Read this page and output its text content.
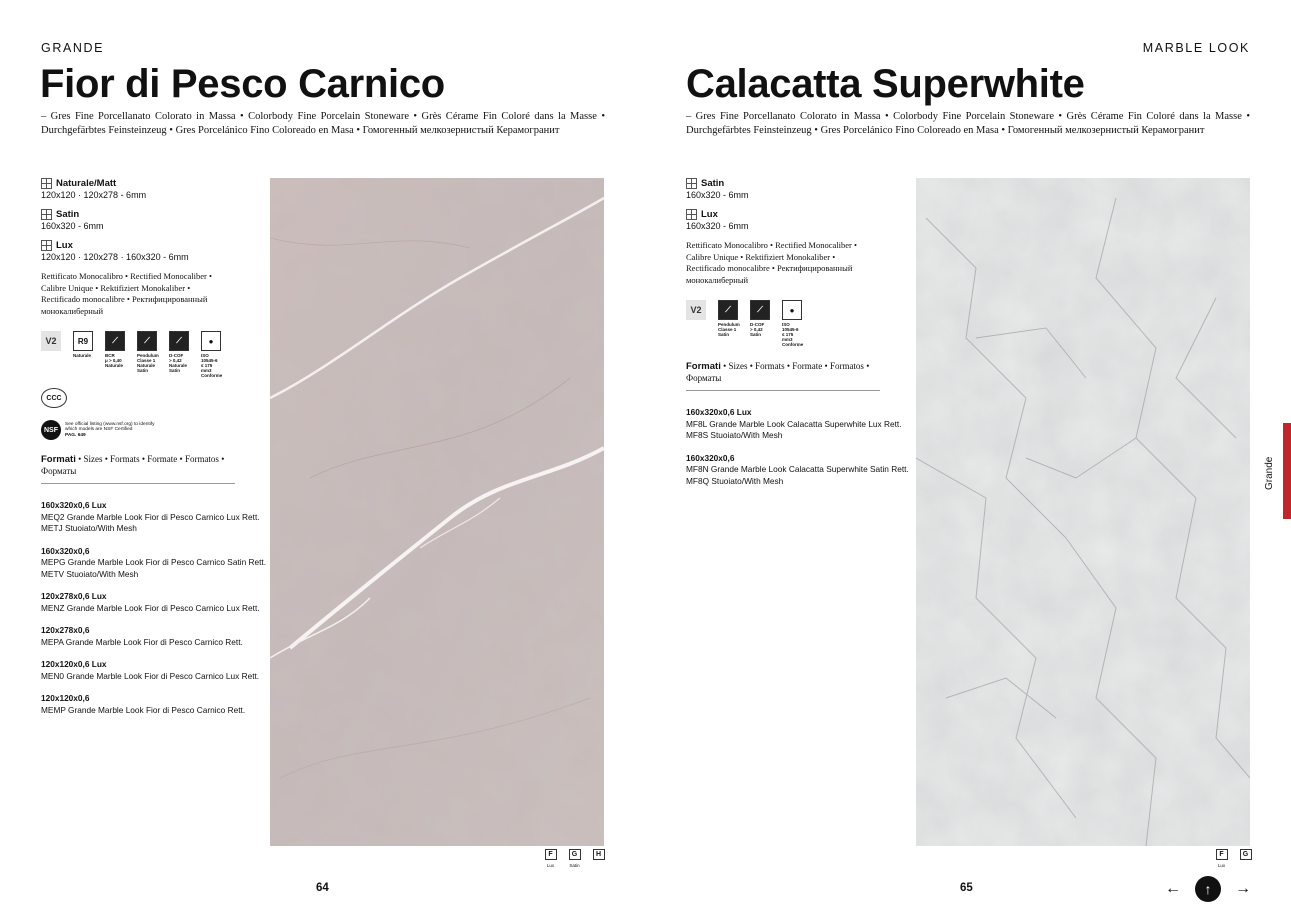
GRANDE
Fior di Pesco Carnico
– Gres Fine Porcellanato Colorato in Massa • Colorbody Fine Porcelain Stoneware • Grès Cérame Fin Coloré dans la Masse • Durchgefärbtes Feinsteinzeug • Gres Porcelánico Fino Coloreado en Masa • Гомогенный мелкозернистый Керамогранит
Naturale/Matt
120x120 · 120x278 - 6mm
Satin
160x320 - 6mm
Lux
120x120 · 120x278 · 160x320 - 6mm
Rettificato Monocalibro • Rectified Monocaliber • Calibre Unique • Rektifiziert Monokaliber • Rectificado monocalibre • Ректифицированный монокалиберный
V2	R9
Naturale
⟋
BCR
μ > 0,40
Naturale
⟋
Pendulum
Classe 1
Naturale
Satin
⟋
D-COF
> 0,42
Naturale
Satin
●
ISO 10545-6
≤ 175 mm3
Conforme
CCC
NSF
See official listing (www.nsf.org) to identify which models are NSF Certified
PAG. 649
Formati • Sizes • Formats • Formate • Formatos • Форматы
160x320x0,6 Lux
MEQ2 Grande Marble Look Fior di Pesco Carnico Lux Rett.
METJ Stuoiato/With Mesh
160x320x0,6
MEPG Grande Marble Look Fior di Pesco Carnico Satin Rett.
METV Stuoiato/With Mesh
120x278x0,6 Lux
MENZ Grande Marble Look Fior di Pesco Carnico Lux Rett.
120x278x0,6
MEPA Grande Marble Look Fior di Pesco Carnico Rett.
120x120x0,6 Lux
MEN0 Grande Marble Look Fior di Pesco Carnico Lux Rett.
120x120x0,6
MEMP Grande Marble Look Fior di Pesco Carnico Rett.
F
Lux
G
Satin
H
64
MARBLE LOOK
Calacatta Superwhite
– Gres Fine Porcellanato Colorato in Massa • Colorbody Fine Porcelain Stoneware • Grès Cérame Fin Coloré dans la Masse • Durchgefärbtes Feinsteinzeug • Gres Porcelánico Fino Coloreado en Masa • Гомогенный мелкозернистый Керамогранит
Satin
160x320 - 6mm
Lux
160x320 - 6mm
Rettificato Monocalibro • Rectified Monocaliber • Calibre Unique • Rektifiziert Monokaliber • Rectificado monocalibre • Ректифицированный монокалиберный
V2	⟋
Pendulum
Classe 1
Satin
⟋
D-COF
> 0,42
Satin
●
ISO 10545-6
≤ 175 mm3
Conforme
Formati • Sizes • Formats • Formate • Formatos • Форматы
160x320x0,6 Lux
MF8L Grande Marble Look Calacatta Superwhite Lux Rett.
MF8S Stuoiato/With Mesh
160x320x0,6
MF8N Grande Marble Look Calacatta Superwhite Satin Rett.
MF8Q Stuoiato/With Mesh
F
Lux
G
65
Grande
←	↑	→
